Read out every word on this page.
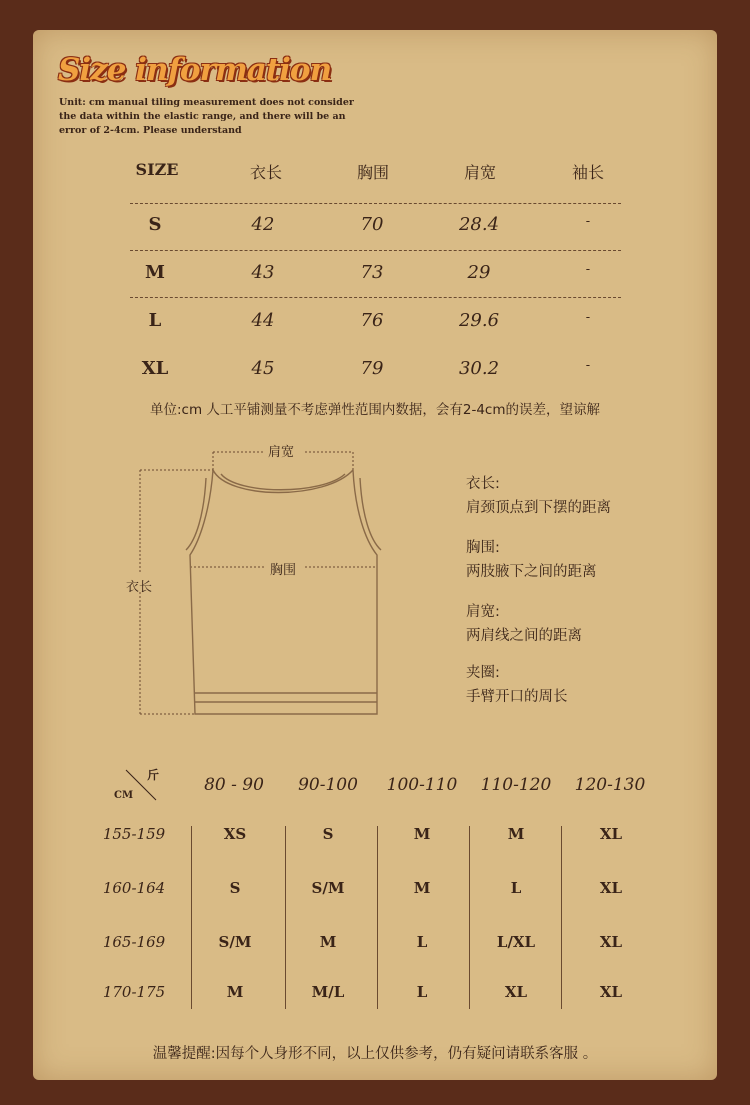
Size information
Unit: cm manual tiling measurement does not consider the data within the elastic range, and there will be an error of 2-4cm. Please understand
SIZE	衣长	胸围	肩宽	袖长
S	42	70	28.4	-
M	43	73	29	-
L	44	76	29.6	-
XL	45	79	30.2	-
单位:cm 人工平铺测量不考虑弹性范围内数据，会有2-4cm的误差，望谅解
肩宽
胸围
衣长
衣长:
肩颈顶点到下摆的距离
胸围:
两肢腋下之间的距离
肩宽:
两肩线之间的距离
夹圈:
手臂开口的周长
斤
CM
80 - 90	90-100	100-110	110-120	120-130
155-159	XS	S	M	M	XL
160-164	S	S/M	M	L	XL
165-169	S/M	M	L	L/XL	XL
170-175	M	M/L	L	XL	XL
温馨提醒:因每个人身形不同，以上仅供参考，仍有疑问请联系客服 。
